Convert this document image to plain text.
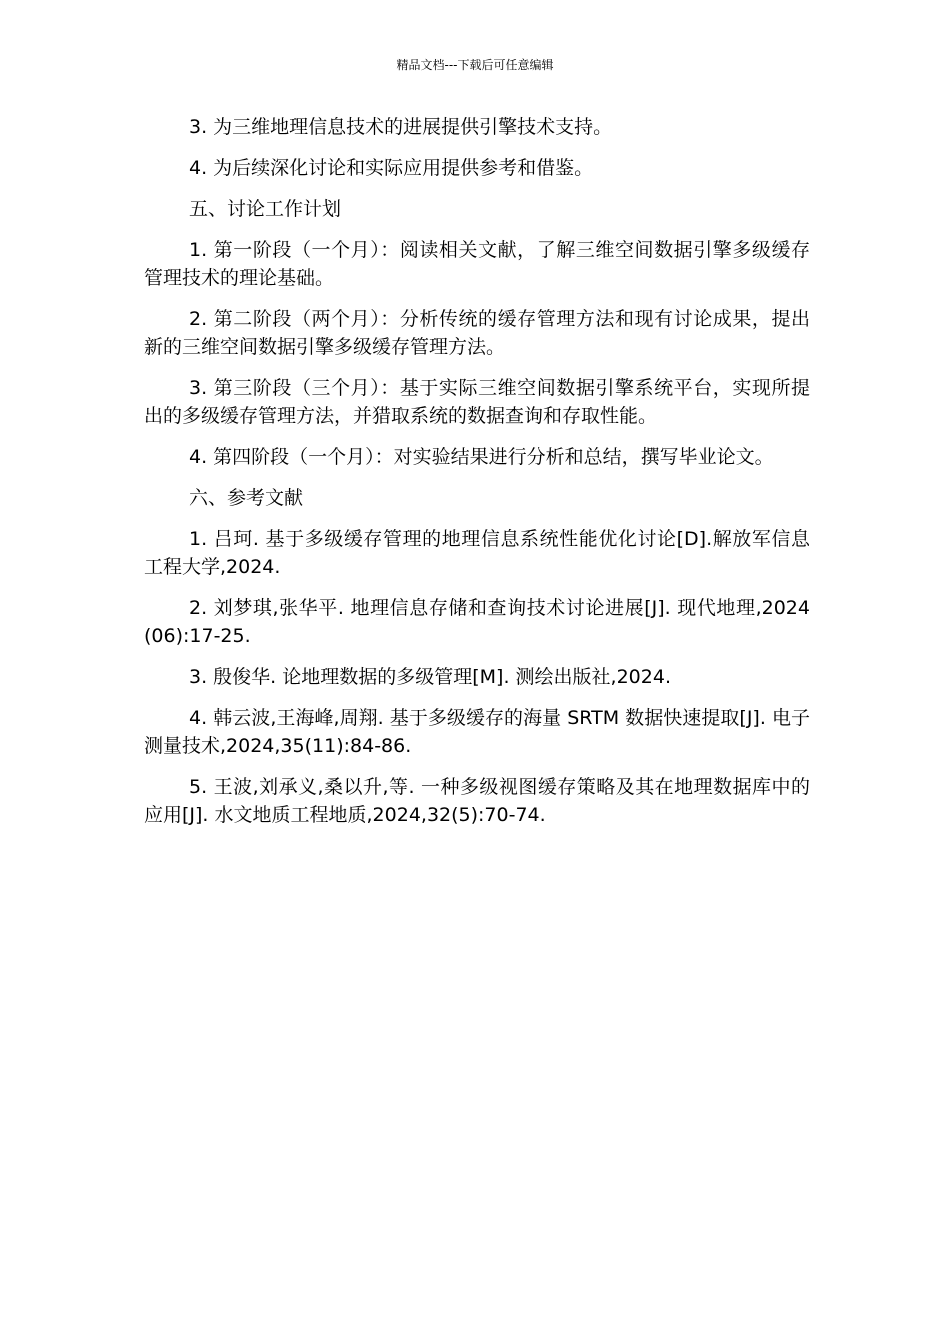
精品文档---下载后可任意编辑

3. 为三维地理信息技术的进展提供引擎技术支持。

4. 为后续深化讨论和实际应用提供参考和借鉴。

五、讨论工作计划

1. 第一阶段（一个月）：阅读相关文献，了解三维空间数据引擎多级缓存管理技术的理论基础。

2. 第二阶段（两个月）：分析传统的缓存管理方法和现有讨论成果，提出新的三维空间数据引擎多级缓存管理方法。

3. 第三阶段（三个月）：基于实际三维空间数据引擎系统平台，实现所提出的多级缓存管理方法，并猎取系统的数据查询和存取性能。

4. 第四阶段（一个月）：对实验结果进行分析和总结，撰写毕业论文。

六、参考文献

1. 吕珂. 基于多级缓存管理的地理信息系统性能优化讨论[D].解放军信息工程大学,2024.

2. 刘梦琪,张华平. 地理信息存储和查询技术讨论进展[J]. 现代地理,2024(06):17-25.

3. 殷俊华. 论地理数据的多级管理[M]. 测绘出版社,2024.

4. 韩云波,王海峰,周翔. 基于多级缓存的海量 SRTM 数据快速提取[J]. 电子测量技术,2024,35(11):84-86.

5. 王波,刘承义,桑以升,等. 一种多级视图缓存策略及其在地理数据库中的应用[J]. 水文地质工程地质,2024,32(5):70-74.
